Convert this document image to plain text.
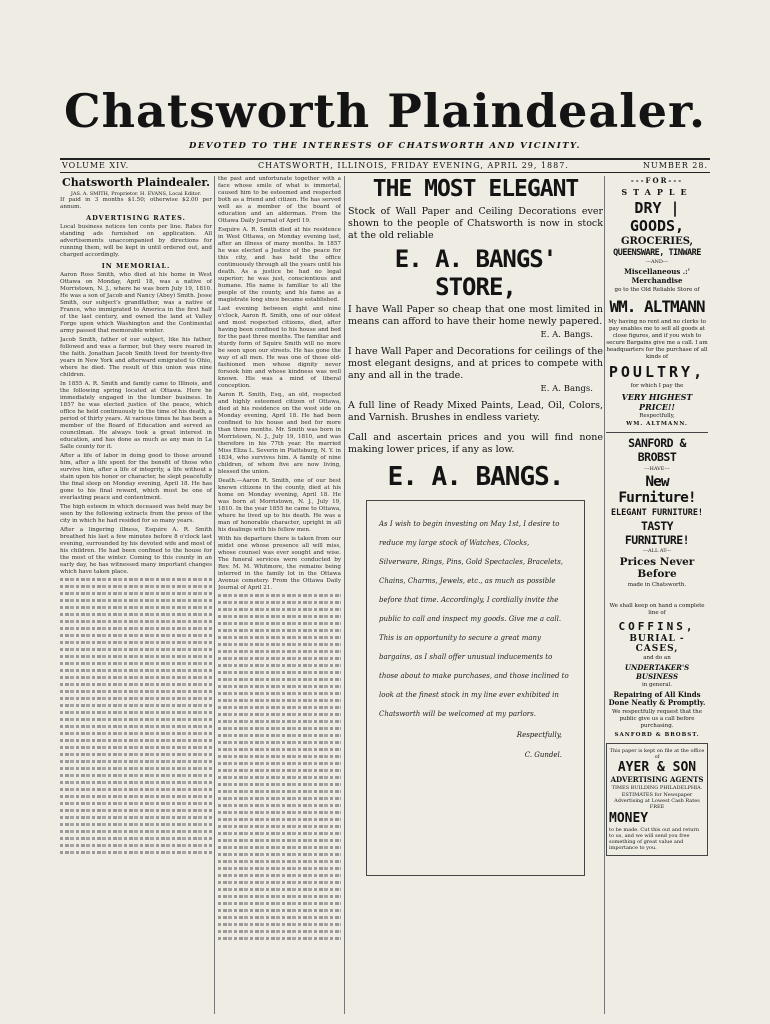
Chatsworth Plaindealer.
DEVOTED TO THE INTERESTS OF CHATSWORTH AND VICINITY.
VOLUME XIV.	CHATSWORTH, ILLINOIS, FRIDAY EVENING, APRIL 29, 1887.	NUMBER 28.
Chatsworth Plaindealer.

JAS. A. SMITH, Proprietor. H. EVANS, Local Editor.

If paid in 3 months $1.50; otherwise $2.00 per annum.

ADVERTISING RATES.

Local business notices ten cents per line. Rates for standing ads furnished on application. All advertisements unaccompanied by directions for running them, will be kept in until ordered out, and charged accordingly.

IN MEMORIAL.

Aaron Ross Smith, who died at his home in West Ottawa on Monday, April 18, was a native of Morristown, N. J., where he was born July 19, 1810. He was a son of Jacob and Nancy (Abey) Smith. Jesse Smith, our subject's grandfather, was a native of France, who immigrated to America in the first half of the last century, and owned the land at Valley Forge upon which Washington and the Continental army passed that memorable winter.

Jacob Smith, father of our subject, like his father, followed and was a farmer, but they were reared in the faith. Jonathan Jacob Smith lived for twenty-five years in New York and afterward emigrated to Ohio, where he died. The result of this union was nine children.

In 1855 A. R. Smith and family came to Illinois, and the following spring located at Ottawa. Here he immediately engaged in the lumber business. In 1857 he was elected justice of the peace, which office he held continuously to the time of his death, a period of thirty years. At various times he has been a member of the Board of Education and served as councilman. He always took a great interest in education, and has done as much as any man in La Salle county for it.

After a life of labor in doing good to those around him, after a life spent for the benefit of those who survive him, after a life of integrity, a life without a stain upon his honor or character, he slept peacefully the final sleep on Monday evening, April 18. He has gone to his final reward, which must be one of everlasting peace and contentment.

The high esteem in which deceased was held may be seen by the following extracts from the press of the city in which he had resided for so many years.

After a lingering illness, Esquire A. R. Smith breathed his last a few minutes before 8 o'clock last evening, surrounded by his devoted wife and most of his children. He had been confined to the house for the most of the winter. Coming to this county in an early day, he has witnessed many important changes which have taken place.

the past and unfortunate together with a face whose smile of what is immortal, caused him to be esteemed and respected both as a friend and citizen. He has served well as a member of the board of education and an alderman. From the Ottawa Daily Journal of April 19.

Esquire A. R. Smith died at his residence in West Ottawa, on Monday evening last, after an illness of many months. In 1857 he was elected a Justice of the peace for this city, and has held the office continuously through all the years until his death. As a justice he had no legal superior; he was just, conscientious and humane. His name is familiar to all the people of the county, and his fame as a magistrate long since became established.

Last evening between eight and nine o'clock, Aaron R. Smith, one of our oldest and most respected citizens, died, after having been confined to his house and bed for the past three months. The familiar and sturdy form of Squire Smith will no more be seen upon our streets. He has gone the way of all men. He was one of those old-fashioned men whose dignity never forsook him and whose kindness was well known. His was a mind of liberal conception.

Aaron R. Smith, Esq., an old, respected and highly esteemed citizen of Ottawa, died at his residence on the west side on Monday evening, April 18. He had been confined to his house and bed for more than three months. Mr. Smith was born in Morristown, N. J., July 19, 1810, and was therefore in his 77th year. He married Miss Eliza L. Severin in Plattsburg, N. Y. in 1834, who survives him. A family of nine children, of whom five are now living, blessed the union.

Death.—Aaron R. Smith, one of our best known citizens in the county, died at his home on Monday evening, April 18. He was born at Morristown, N. J., July 19, 1810. In the year 1855 he came to Ottawa, where he lived up to his death. He was a man of honorable character, upright in all his dealings with his fellow men.

With his departure there is taken from our midst one whose presence all will miss, whose counsel was ever sought and wise. The funeral services were conducted by Rev. M. M. Whitmore, the remains being interred in the family lot in the Ottawa Avenue cemetery. From the Ottawa Daily Journal of April 21.

THE MOST ELEGANT

Stock of Wall Paper and Ceiling Decorations ever shown to the people of Chatsworth is now in stock at the old reliable

E. A. BANGS' STORE,

I have Wall Paper so cheap that one most limited in means can afford to have their home newly papered.

E. A. Bangs.

I have Wall Paper and Decorations for ceilings of the most elegant designs, and at prices to compete with any and all in the trade.

E. A. Bangs.

A full line of Ready Mixed Paints, Lead, Oil, Colors, and Varnish. Brushes in endless variety.

Call and ascertain prices and you will find none making lower prices, if any as low.

E. A. BANGS.

As I wish to begin investing on May 1st, I desire to reduce my large stock of Watches, Clocks, Silverware, Rings, Pins, Gold Spectacles, Bracelets, Chains, Charms, Jewels, etc., as much as possible before that time. Accordingly, I cordially invite the public to call and inspect my goods. Give me a call. This is an opportunity to secure a great many bargains, as I shall offer unusual inducements to those about to make purchases, and those inclined to look at the finest stock in my line ever exhibited in Chatsworth will be welcomed at my parlors.

Respectfully,

C. Gundel.

---FOR---
STAPLE
DRY | GOODS,
GROCERIES,
QUEENSWARE, TINWARE
---AND---
Miscellaneous .:' Merchandise
go to the Old Reliable Store of
WM. ALTMANN
My having no rent and no clerks to pay enables me to sell all goods at close figures, and if you wish to secure Bargains give me a call. I am headquarters for the purchase of all kinds of
POULTRY,
for which I pay the
VERY HIGHEST PRICE!!
Respectfully,
WM. ALTMANN.
SANFORD & BROBST
---HAVE---
New Furniture!
ELEGANT FURNITURE!
TASTY FURNITURE!
---ALL AT---
Prices Never Before
made in Chatsworth.
We shall keep on hand a complete line of
COFFINS,
BURIAL - CASES,
and do an
UNDERTAKER'S BUSINESS
in general.
Repairing of All Kinds Done Neatly & Promptly.
We respectfully request that the public give us a call before purchasing.
SANFORD & BROBST.
This paper is kept on file at the office of
AYER & SON
ADVERTISING AGENTS
TIMES BUILDING PHILADELPHIA.
ESTIMATES for Newspaper Advertising at Lowest Cash Rates FREE
MONEY
to be made. Cut this out and return to us, and we will send you free something of great value and importance to you.
